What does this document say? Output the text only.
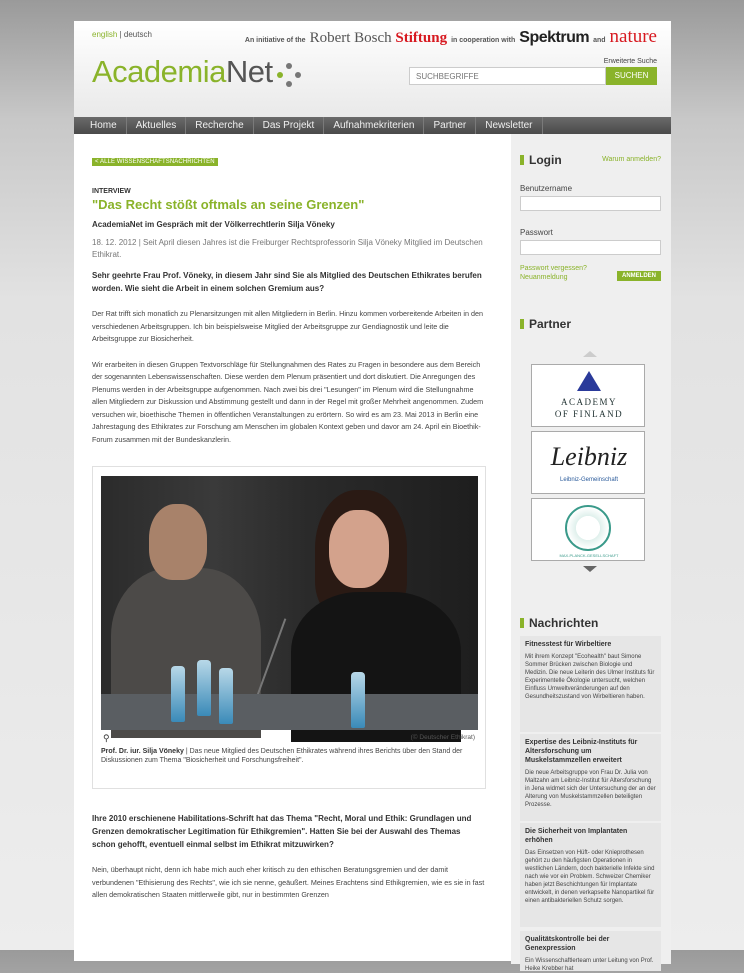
english | deutsch
An initiative of the Robert Bosch Stiftung in cooperation with Spektrum and nature
AcademiaNet	Erweiterte Suche
SUCHBEGRIFFE
SUCHEN
Home	Aktuelles	Recherche	Das Projekt	Aufnahmekriterien	Partner	Newsletter
< ALLE WISSENSCHAFTSNACHRICHTEN
INTERVIEW
"Das Recht stößt oftmals an seine Grenzen"
AcademiaNet im Gespräch mit der Völkerrechtlerin Silja Vöneky

18. 12. 2012 | Seit April diesen Jahres ist die Freiburger Rechtsprofessorin Silja Vöneky Mitglied im Deutschen Ethikrat.

Sehr geehrte Frau Prof. Vöneky, in diesem Jahr sind Sie als Mitglied des Deutschen Ethikrates berufen worden. Wie sieht die Arbeit in einem solchen Gremium aus?

Der Rat trifft sich monatlich zu Plenarsitzungen mit allen Mitgliedern in Berlin. Hinzu kommen vorbereitende Arbeiten in den verschiedenen Arbeitsgruppen. Ich bin beispielsweise Mitglied der Arbeitsgruppe zur Gendiagnostik und leite die Arbeitsgruppe zur Biosicherheit.

Wir erarbeiten in diesen Gruppen Textvorschläge für Stellungnahmen des Rates zu Fragen in besondere aus dem Bereich der sogenannten Lebenswissenschaften. Diese werden dem Plenum präsentiert und dort diskutiert. Die Anregungen des Plenums werden in der Arbeitsgruppe aufgenommen. Nach zwei bis drei "Lesungen" im Plenum wird die Stellungnahme allen Mitgliedern zur Diskussion und Abstimmung gestellt und dann in der Regel mit großer Mehrheit angenommen. Zudem versuchen wir, bioethische Themen in öffentlichen Veranstaltungen zu erörtern. So wird es am 23. Mai 2013 in Berlin eine Jahrestagung des Ethikrates zur Forschung am Menschen im globalen Kontext geben und davor am 24. April ein Bioethik-Forum zusammen mit der Bundeskanzlerin.

⚲	(© Deutscher Ethikrat)

Prof. Dr. iur. Silja Vöneky | Das neue Mitglied des Deutschen Ethikrates während ihres Berichts über den Stand der Diskussionen zum Thema "Biosicherheit und Forschungsfreiheit".

Ihre 2010 erschienene Habilitations-Schrift hat das Thema "Recht, Moral und Ethik: Grundlagen und Grenzen demokratischer Legitimation für Ethikgremien". Hatten Sie bei der Auswahl des Themas schon gehofft, eventuell einmal selbst im Ethikrat mitzuwirken?

Nein, überhaupt nicht, denn ich habe mich auch eher kritisch zu den ethischen Beratungsgremien und der damit verbundenen "Ethisierung des Rechts", wie ich sie nenne, geäußert. Meines Erachtens sind Ethikgremien, wie es sie in fast allen demokratischen Staaten mittlerweile gibt, nur in bestimmten Grenzen

Login	Warum anmelden?
Benutzername
Passwort
Passwort vergessen?
Neuanmeldung	ANMELDEN
Partner
ACADEMY
OF FINLAND
Leibniz
Leibniz-Gemeinschaft
MAX-PLANCK-GESELLSCHAFT
Nachrichten
Fitnesstest für Wirbeltiere
Mit ihrem Konzept "Ecohealth" baut Simone Sommer Brücken zwischen Biologie und Medizin. Die neue Leiterin des Ulmer Instituts für Experimentelle Ökologie untersucht, welchen Einfluss Umweltveränderungen auf den Gesundheitszustand von Wirbeltieren haben.
Expertise des Leibniz-Instituts für Altersforschung um Muskelstammzellen erweitert
Die neue Arbeitsgruppe von Frau Dr. Julia von Maltzahn am Leibniz-Institut für Altersforschung in Jena widmet sich der Untersuchung der an der Alterung von Muskelstammzellen beteiligten Prozesse.
Die Sicherheit von Implantaten erhöhen
Das Einsetzen von Hüft- oder Knieprothesen gehört zu den häufigsten Operationen in westlichen Ländern, doch bakterielle Infekte sind nach wie vor ein Problem. Schweizer Chemiker haben jetzt Beschichtungen für Implantate entwickelt, in denen verkapselte Nanopartikel für einen antibakteriellen Schutz sorgen.
Qualitätskontrolle bei der Genexpression
Ein Wissenschaftlerteam unter Leitung von Prof. Heike Krebber hat
